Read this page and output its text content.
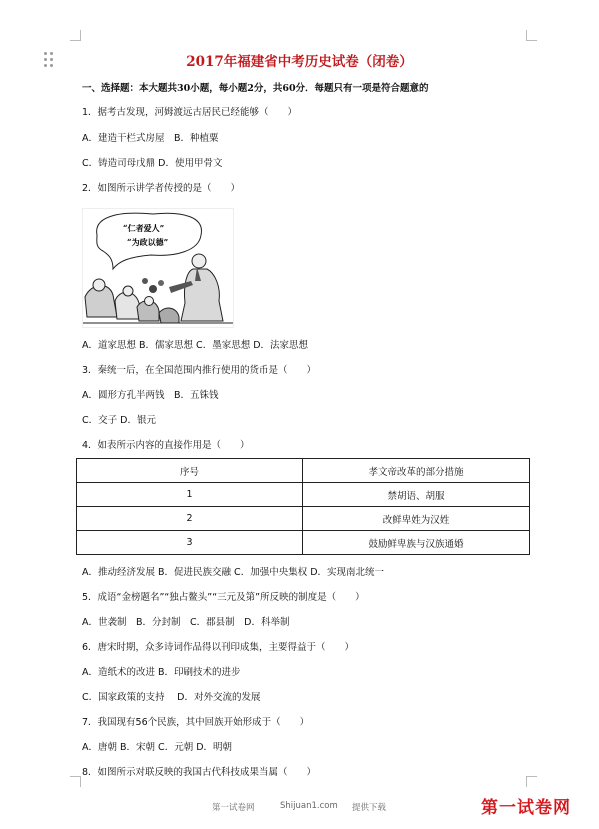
2017年福建省中考历史试卷（闭卷）
一、选择题：本大题共30小题，每小题2分，共60分．每题只有一项是符合题意的
1．据考古发现，河姆渡远古居民已经能够（　　）
A．建造干栏式房屋　B．种植粟
C．铸造司母戊鼎 D．使用甲骨文
2．如图所示讲学者传授的是（　　）
“仁者爱人”
“为政以德”
A．道家思想 B．儒家思想 C．墨家思想 D．法家思想
3．秦统一后，在全国范围内推行使用的货币是（　　）
A．圆形方孔半两钱　B．五铢钱
C．交子 D．银元
4．如表所示内容的直接作用是（　　）
序号	孝文帝改革的部分措施
1	禁胡语、胡服
2	改鲜卑姓为汉姓
3	鼓励鲜卑族与汉族通婚
A．推动经济发展 B．促进民族交融 C．加强中央集权 D．实现南北统一
5．成语“金榜题名”“独占鳌头”“三元及第”所反映的制度是（　　）
A．世袭制　B．分封制　C．郡县制　D．科举制
6．唐宋时期，众多诗词作品得以刊印成集，主要得益于（　　）
A．造纸术的改进 B．印刷技术的进步
C．国家政策的支持　 D．对外交流的发展
7．我国现有56个民族，其中回族开始形成于（　　）
A．唐朝 B．宋朝 C．元朝 D．明朝
8．如图所示对联反映的我国古代科技成果当属（　　）
第一试卷网	Shijuan1.com 提供下载	第一试卷网
